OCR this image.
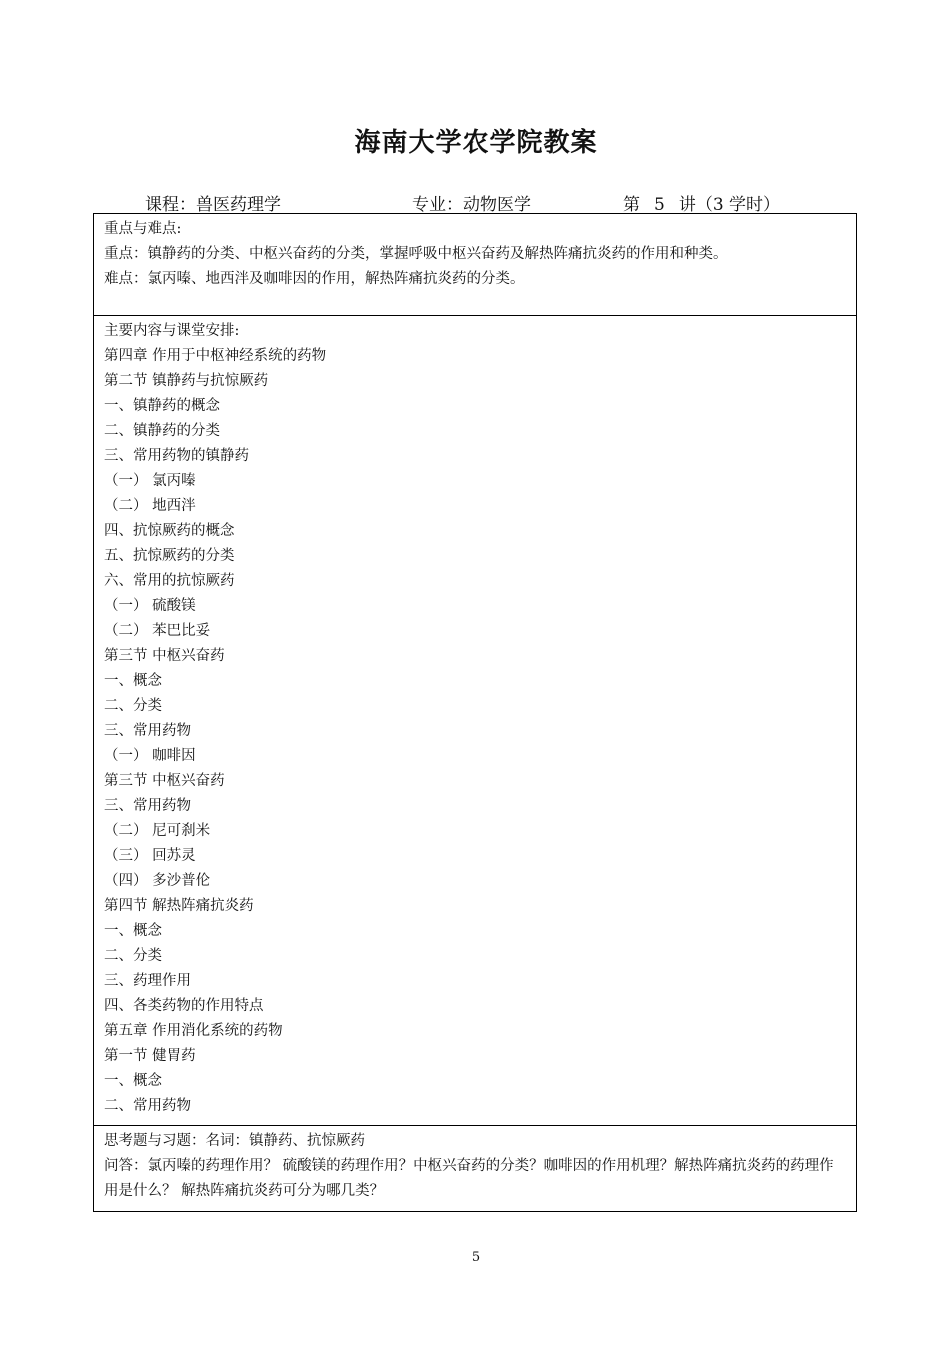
海南大学农学院教案
课程：兽医药理学	专业：动物医学	第 5 讲（3 学时）
重点与难点:
重点：镇静药的分类、中枢兴奋药的分类，掌握呼吸中枢兴奋药及解热阵痛抗炎药的作用和种类。
难点：氯丙嗪、地西泮及咖啡因的作用，解热阵痛抗炎药的分类。
主要内容与课堂安排:
第四章 作用于中枢神经系统的药物
第二节 镇静药与抗惊厥药
一、镇静药的概念
二、镇静药的分类
三、常用药物的镇静药
（一） 氯丙嗪
（二） 地西泮
四、抗惊厥药的概念
五、抗惊厥药的分类
六、常用的抗惊厥药
（一） 硫酸镁
（二） 苯巴比妥
第三节 中枢兴奋药
一、概念
二、分类
三、常用药物
（一） 咖啡因
第三节 中枢兴奋药
三、常用药物
（二） 尼可刹米
（三） 回苏灵
（四） 多沙普伦
第四节 解热阵痛抗炎药
一、概念
二、分类
三、药理作用
四、各类药物的作用特点
第五章 作用消化系统的药物
第一节 健胃药
一、概念
二、常用药物
思考题与习题：名词：镇静药、抗惊厥药
问答：氯丙嗪的药理作用？ 硫酸镁的药理作用？中枢兴奋药的分类？咖啡因的作用机理？解热阵痛抗炎药的药理作用是什么？ 解热阵痛抗炎药可分为哪几类？
5
